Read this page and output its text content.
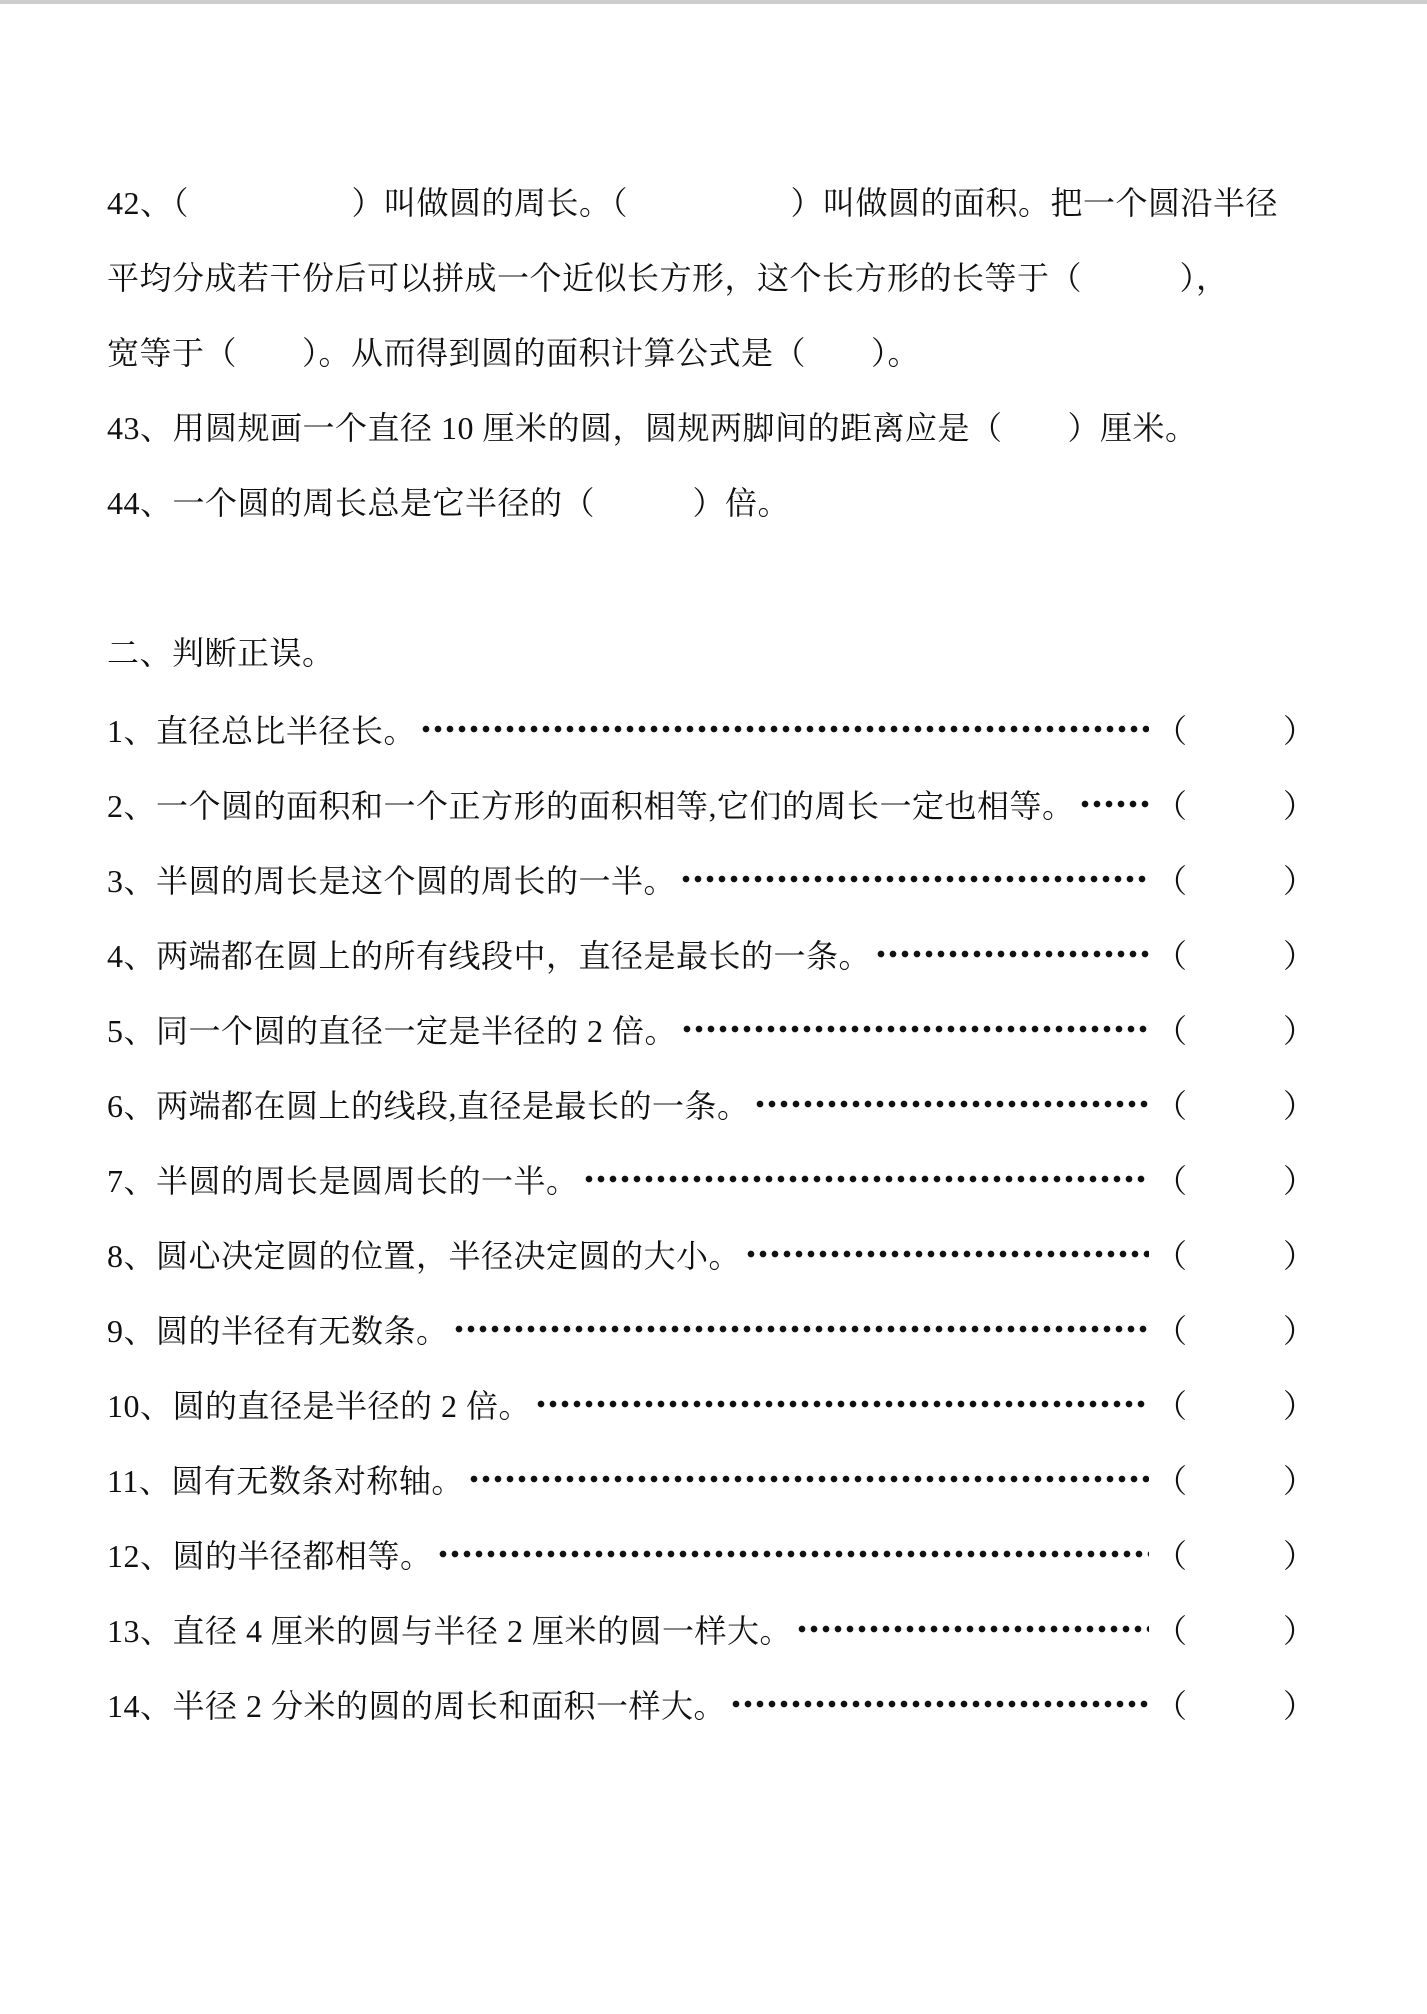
42、（　　　　　）叫做圆的周长。（　　　　　）叫做圆的面积。把一个圆沿半径
平均分成若干份后可以拼成一个近似长方形，这个长方形的长等于（　　　），
宽等于（　　）。从而得到圆的面积计算公式是（　　）。
43、用圆规画一个直径 10 厘米的圆，圆规两脚间的距离应是（　　）厘米。
44、一个圆的周长总是它半径的（　　　）倍。
二、判断正误。
1、直径总比半径长。	（　　　）
2、一个圆的面积和一个正方形的面积相等,它们的周长一定也相等。	（　　　）
3、半圆的周长是这个圆的周长的一半。	（　　　）
4、两端都在圆上的所有线段中，直径是最长的一条。	（　　　）
5、同一个圆的直径一定是半径的 2 倍。	（　　　）
6、两端都在圆上的线段,直径是最长的一条。	（　　　）
7、半圆的周长是圆周长的一半。	（　　　）
8、圆心决定圆的位置，半径决定圆的大小。	（　　　）
9、圆的半径有无数条。	（　　　）
10、圆的直径是半径的 2 倍。	（　　　）
11、圆有无数条对称轴。	（　　　）
12、圆的半径都相等。	（　　　）
13、直径 4 厘米的圆与半径 2 厘米的圆一样大。	（　　　）
14、半径 2 分米的圆的周长和面积一样大。	（　　　）
